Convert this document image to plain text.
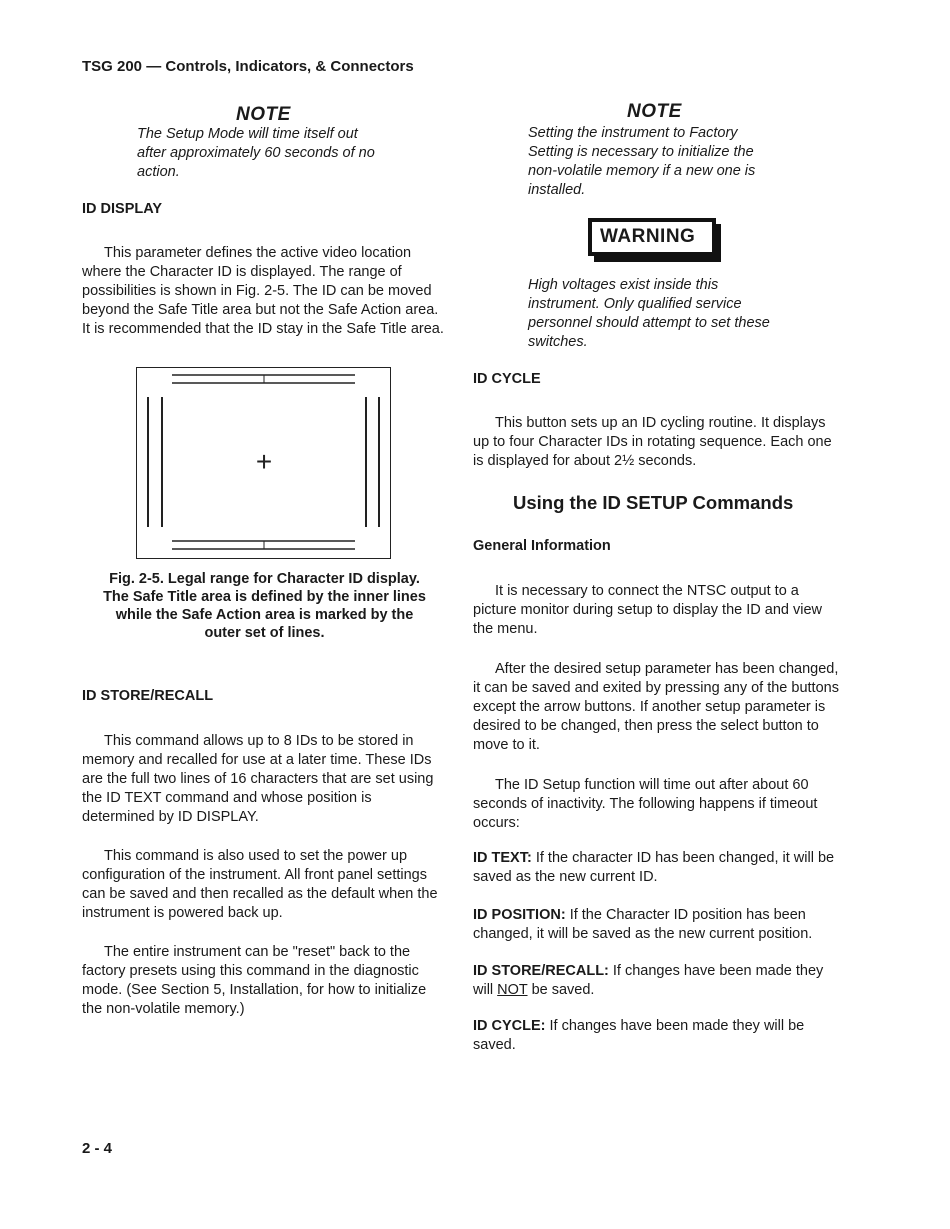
TSG 200 — Controls, Indicators, & Connectors
NOTE
The Setup Mode will time itself out
after approximately 60 seconds of no
action.
ID DISPLAY

This parameter defines the active video location where the Character ID is displayed. The range of possibilities is shown in Fig. 2-5. The ID can be moved beyond the Safe Title area but not the Safe Action area. It is recommended that the ID stay in the Safe Title area.

+
Fig. 2-5. Legal range for Character ID display.
The Safe Title area is defined by the inner lines
while the Safe Action area is marked by the
outer set of lines.
ID STORE/RECALL

This command allows up to 8 IDs to be stored in memory and recalled for use at a later time. These IDs are the full two lines of 16 characters that are set using the ID TEXT command and whose position is determined by ID DISPLAY.

This command is also used to set the power up configuration of the instrument. All front panel settings can be saved and then recalled as the default when the instrument is powered back up.

The entire instrument can be "reset" back to the factory presets using this command in the diagnostic mode. (See Section 5, Installation, for how to initialize the non-volatile memory.)

NOTE
Setting the instrument to Factory
Setting is necessary to initialize the
non-volatile memory if a new one is
installed.
WARNING
High voltages exist inside this
instrument. Only qualified service
personnel should attempt to set these
switches.
ID CYCLE

This button sets up an ID cycling routine. It displays up to four Character IDs in rotating sequence. Each one is displayed for about 2½ seconds.

Using the ID SETUP Commands
General Information

It is necessary to connect the NTSC output to a picture monitor during setup to display the ID and view the menu.

After the desired setup parameter has been changed, it can be saved and exited by pressing any of the buttons except the arrow buttons. If another setup parameter is desired to be changed, then press the select button to move to it.

The ID Setup function will time out after about 60 seconds of inactivity. The following happens if timeout occurs:

ID TEXT: If the character ID has been changed, it will be saved as the new current ID.

ID POSITION: If the Character ID position has been changed, it will be saved as the new current position.

ID STORE/RECALL: If changes have been made they will NOT be saved.

ID CYCLE: If changes have been made they will be saved.

2 - 4
